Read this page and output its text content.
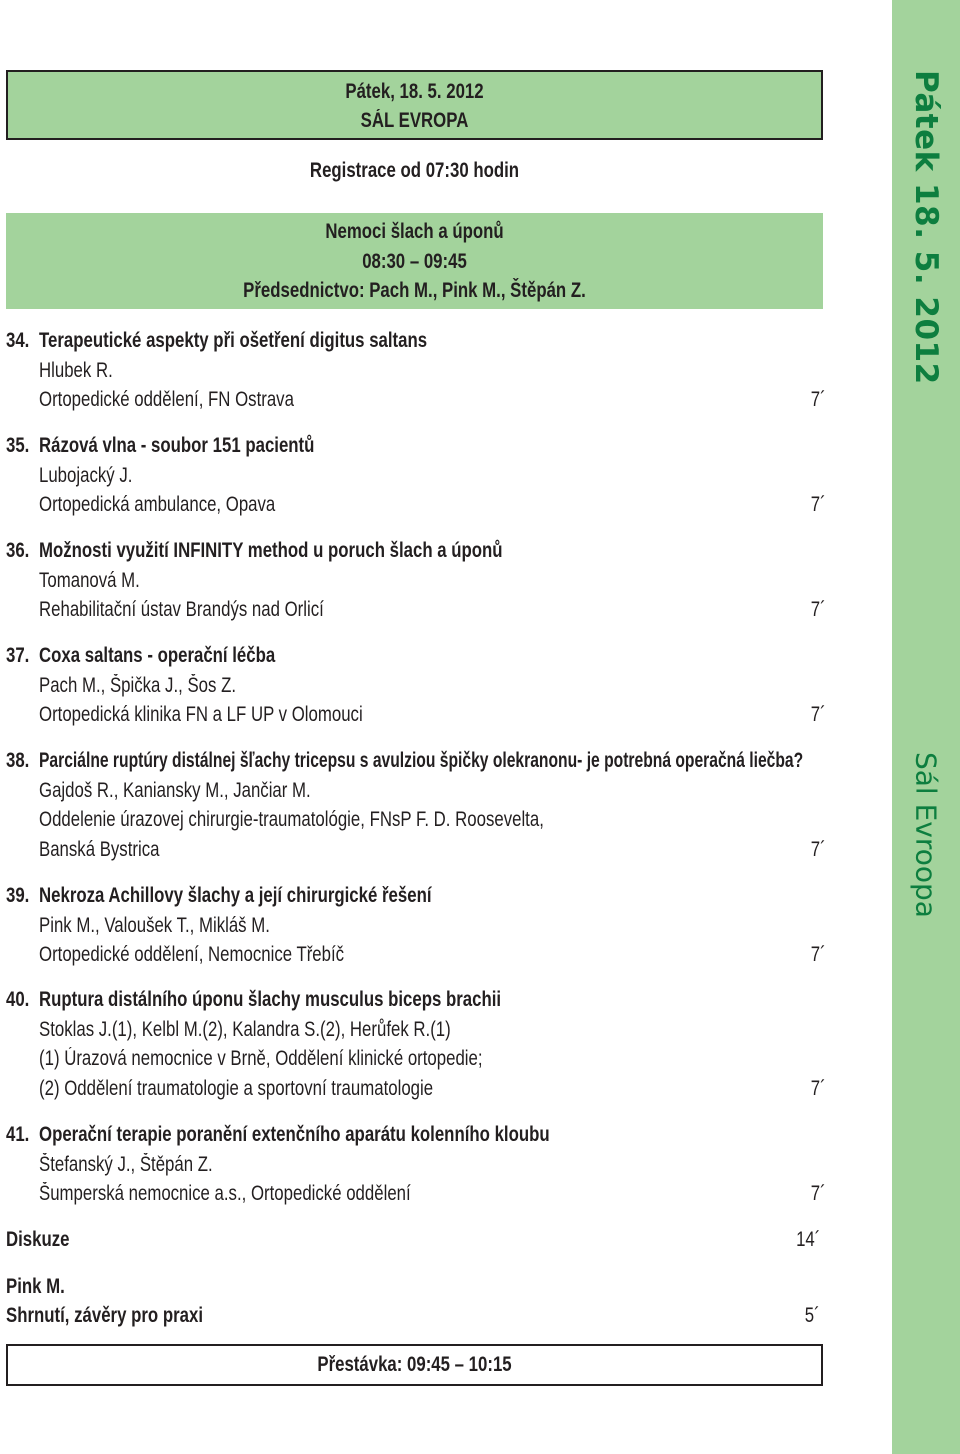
Pátek 18. 5. 2012
Sál Evroopa
Pátek, 18. 5. 2012
SÁL EVROPA
Registrace od 07:30 hodin
Nemoci šlach a úponů
08:30 – 09:45
Předsednictvo: Pach M., Pink M., Štěpán Z.
34. Terapeutické aspekty při ošetření digitus saltans
Hlubek R.
Ortopedické oddělení, FN Ostrava	7´
35. Rázová vlna - soubor 151 pacientů
Lubojacký J.
Ortopedická ambulance, Opava	7´
36. Možnosti využití INFINITY method u poruch šlach a úponů
Tomanová M.
Rehabilitační ústav Brandýs nad Orlicí	7´
37. Coxa saltans - operační léčba
Pach M., Špička J., Šos Z.
Ortopedická klinika FN a LF UP v Olomouci	7´
38. Parciálne ruptúry distálnej šľachy tricepsu s avulziou špičky olekranonu- je potrebná operačná liečba?
Gajdoš R., Kaniansky M., Jančiar M.
Oddelenie úrazovej chirurgie-traumatológie, FNsP F. D. Roosevelta,
Banská Bystrica	7´
39. Nekroza Achillovy šlachy a její chirurgické řešení
Pink M., Valoušek T., Mikláš M.
Ortopedické oddělení, Nemocnice Třebíč	7´
40. Ruptura distálního úponu šlachy musculus biceps brachii
Stoklas J.(1), Kelbl M.(2), Kalandra S.(2), Herůfek R.(1)
(1) Úrazová nemocnice v Brně, Oddělení klinické ortopedie;
(2) Oddělení traumatologie a sportovní traumatologie	7´
41. Operační terapie poranění extenčního aparátu kolenního kloubu
Štefanský J., Štěpán Z.
Šumperská nemocnice a.s., Ortopedické oddělení	7´
Diskuze	14´
Pink M.
Shrnutí, závěry pro praxi	5´
Přestávka: 09:45 – 10:15
